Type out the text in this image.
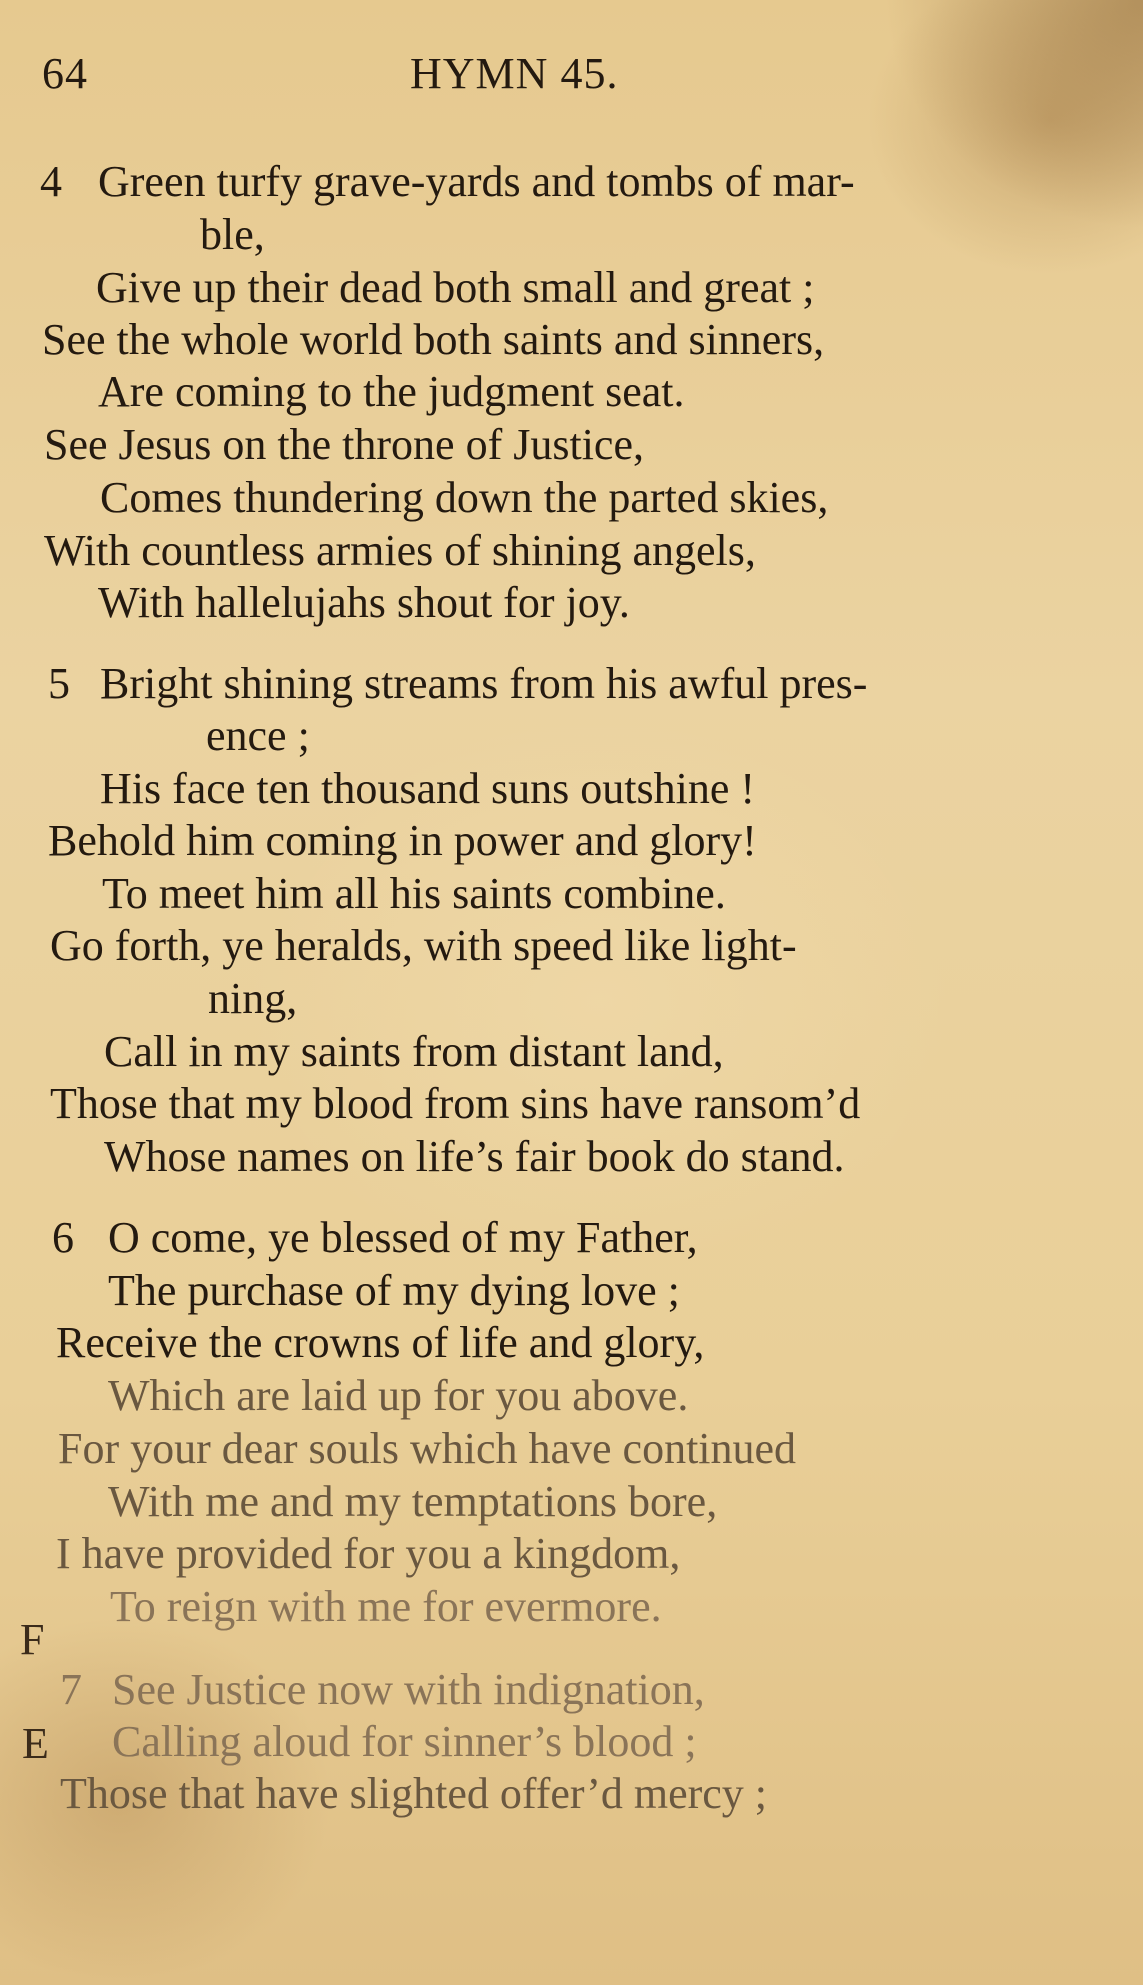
64	HYMN 45.
4 Green turfy grave-yards and tombs of mar-
ble,
Give up their dead both small and great ;
See the whole world both saints and sinners,
Are coming to the judgment seat.
See Jesus on the throne of Justice,
Comes thundering down the parted skies,
With countless armies of shining angels,
With hallelujahs shout for joy.
5 Bright shining streams from his awful pres-
ence ;
His face ten thousand suns outshine !
Behold him coming in power and glory!
To meet him all his saints combine.
Go forth, ye heralds, with speed like light-
ning,
Call in my saints from distant land,
Those that my blood from sins have ransom’d
Whose names on life’s fair book do stand.
6 O come, ye blessed of my Father,
The purchase of my dying love ;
Receive the crowns of life and glory,
Which are laid up for you above.
For your dear souls which have continued
With me and my temptations bore,
I have provided for you a kingdom,
To reign with me for evermore.
F
E
7 See Justice now with indignation,
Calling aloud for sinner’s blood ;
Those that have slighted offer’d mercy ;
